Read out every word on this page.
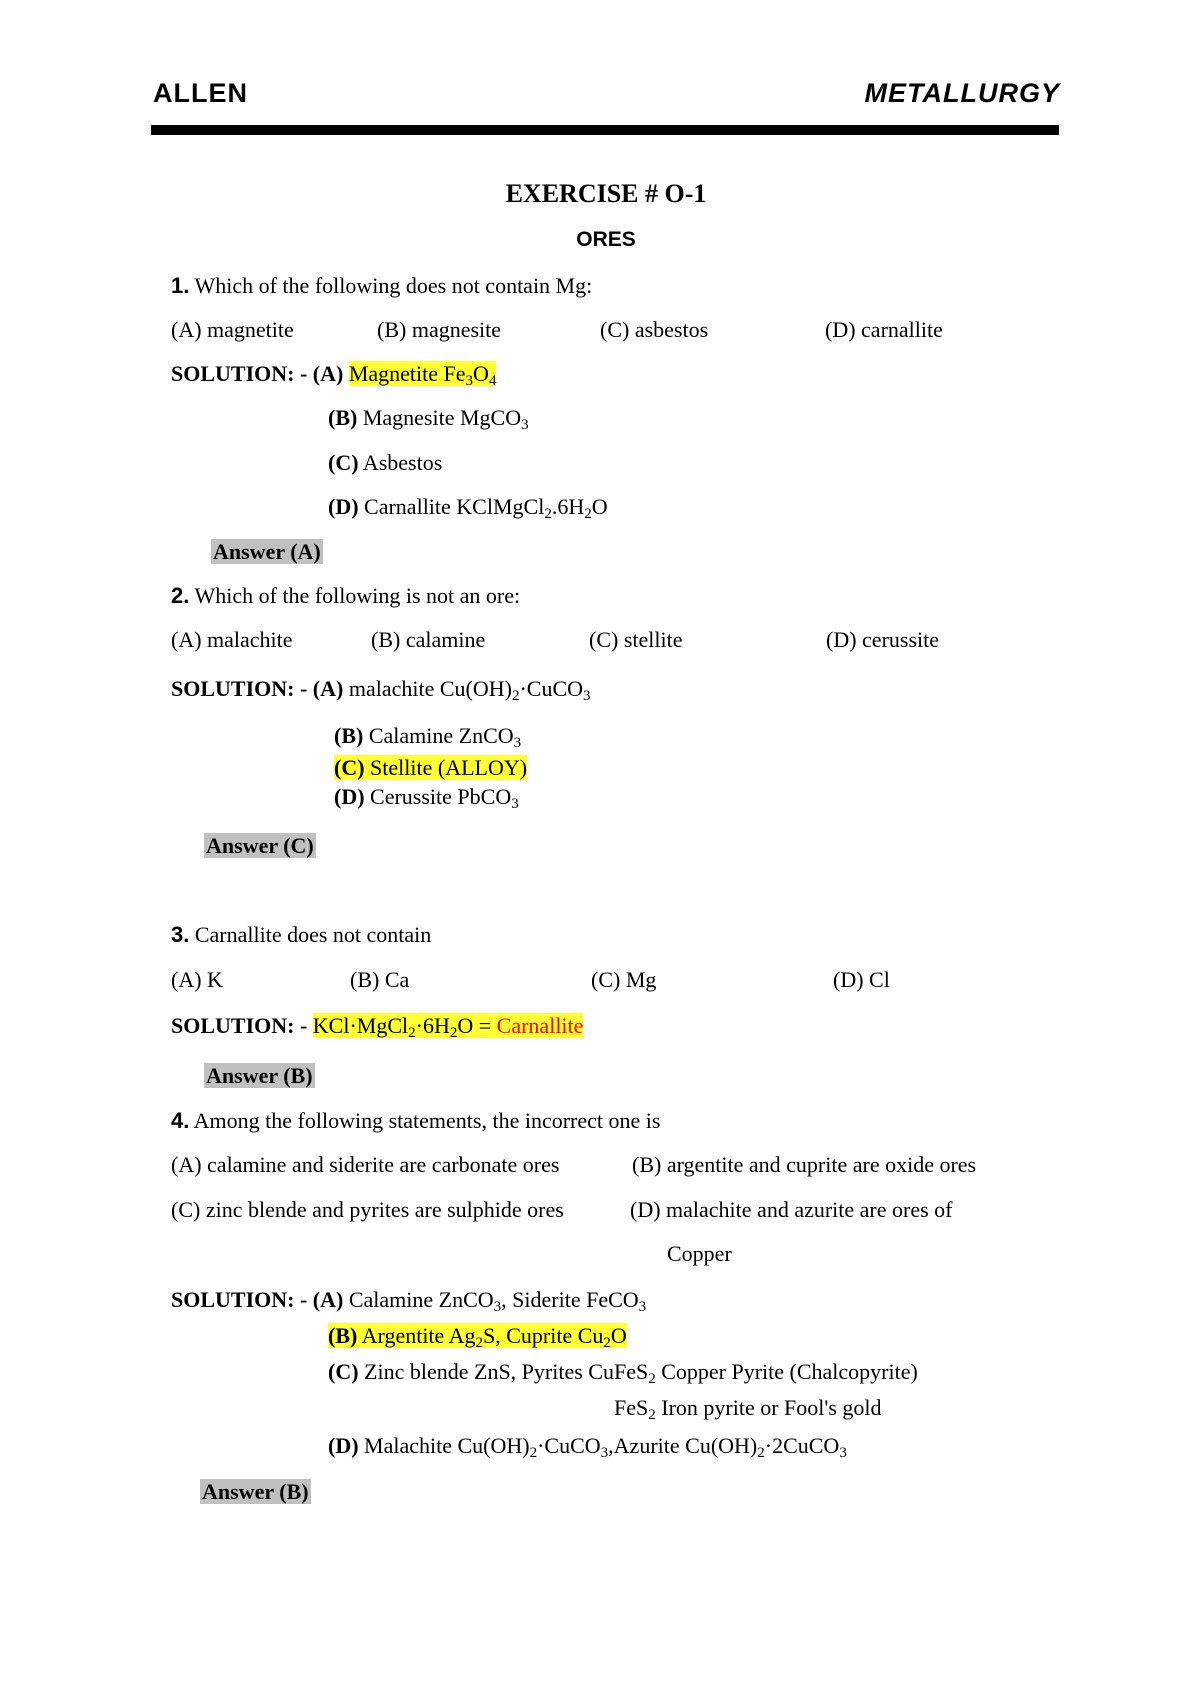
ALLEN	METALLURGY
EXERCISE # O-1
ORES
1. Which of the following does not contain Mg:
(A) magnetite	(B) magnesite	(C) asbestos	(D) carnallite
SOLUTION: - (A) Magnetite $Fe_3O_4$
(B) Magnesite MgCO$_3$
(C) Asbestos
(D) Carnallite $KClMgCl_2.6H_2O$
Answer (A)
2. Which of the following is not an ore:
(A) malachite	(B) calamine	(C) stellite	(D) cerussite
SOLUTION: - (A) malachite $Cu(OH)_2\cdot CuCO_3$
(B) Calamine ZnCO$_3$
(C) Stellite (ALLOY)
(D) Cerussite PbCO$_3$
Answer (C)
3. Carnallite does not contain
(A) K	(B) Ca	(C) Mg	(D) Cl
SOLUTION: - $KCl\cdot MgCl_2\cdot 6H_2O$ = Carnallite
Answer (B)
4. Among the following statements, the incorrect one is
(A) calamine and siderite are carbonate ores	(B) argentite and cuprite are oxide ores
(C) zinc blende and pyrites are sulphide ores	(D) malachite and azurite are ores of
Copper
SOLUTION: - (A) Calamine ZnCO$_3$, Siderite FeCO$_3$
(B) Argentite $Ag_2S$, Cuprite $Cu_2O$
(C) Zinc blende ZnS, Pyrites CuFeS$_2$ Copper Pyrite (Chalcopyrite)
FeS$_2$ Iron pyrite or Fool's gold
(D) Malachite $Cu(OH)_2\cdot CuCO_3,Azurite$ $Cu(OH)_2\cdot 2CuCO_3$
Answer (B)
